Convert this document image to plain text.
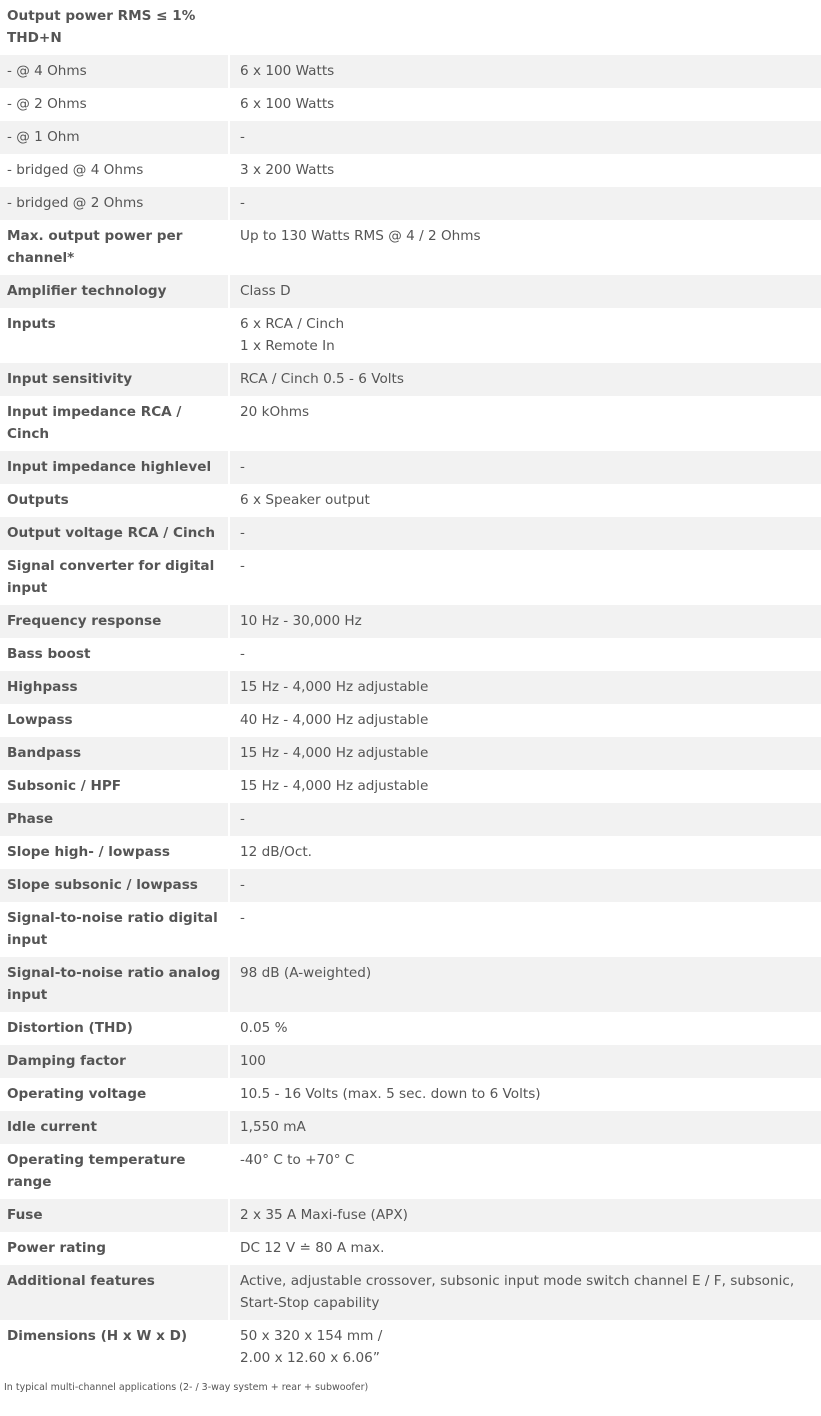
Output power RMS ≤ 1% THD+N	

- @ 4 Ohms	6 x 100 Watts

- @ 2 Ohms	6 x 100 Watts

- @ 1 Ohm	-

- bridged @ 4 Ohms	3 x 200 Watts

- bridged @ 2 Ohms	-

Max. output power per channel*	Up to 130 Watts RMS @ 4 / 2 Ohms

Amplifier technology	Class D

Inputs	6 x RCA / Cinch
1 x Remote In

Input sensitivity	RCA / Cinch 0.5 - 6 Volts

Input impedance RCA / Cinch	20 kOhms

Input impedance highlevel	-

Outputs	6 x Speaker output

Output voltage RCA / Cinch	-

Signal converter for digital input	-

Frequency response	10 Hz - 30,000 Hz

Bass boost	-

Highpass	15 Hz - 4,000 Hz adjustable

Lowpass	40 Hz - 4,000 Hz adjustable

Bandpass	15 Hz - 4,000 Hz adjustable

Subsonic / HPF	15 Hz - 4,000 Hz adjustable

Phase	-

Slope high- / lowpass	12 dB/Oct.

Slope subsonic / lowpass	-

Signal-to-noise ratio digital input	-

Signal-to-noise ratio analog input	98 dB (A-weighted)

Distortion (THD)	0.05 %

Damping factor	100

Operating voltage	10.5 - 16 Volts (max. 5 sec. down to 6 Volts)

Idle current	1,550 mA

Operating temperature range	-40° C to +70° C

Fuse	2 x 35 A Maxi-fuse (APX)

Power rating	DC 12 V ≐ 80 A max.

Additional features	Active, adjustable crossover, subsonic input mode switch channel E / F, subsonic, Start-Stop capability

Dimensions (H x W x D)	50 x 320 x 154 mm /
2.00 x 12.60 x 6.06”
In typical multi-channel applications (2- / 3-way system + rear + subwoofer)
